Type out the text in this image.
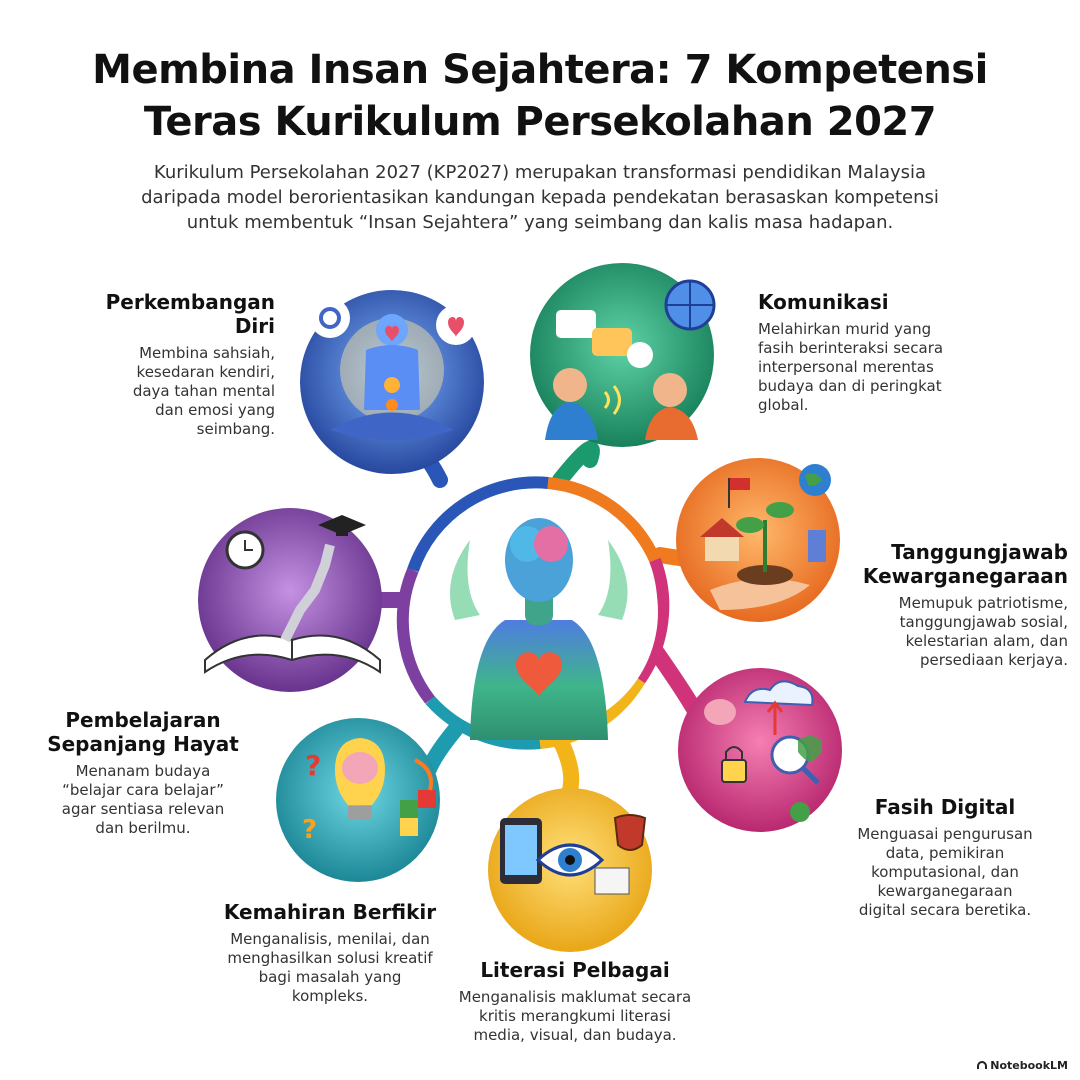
Membina Insan Sejahtera: 7 Kompetensi
Teras Kurikulum Persekolahan 2027
Kurikulum Persekolahan 2027 (KP2027) merupakan transformasi pendidikan Malaysia
daripada model berorientasikan kandungan kepada pendekatan berasaskan kompetensi
untuk membentuk “Insan Sejahtera” yang seimbang dan kalis masa hadapan.
?
?
Perkembangan
Diri

Membina sahsiah,
kesedaran kendiri,
daya tahan mental
dan emosi yang
seimbang.

Komunikasi

Melahirkan murid yang
fasih berinteraksi secara
interpersonal merentas
budaya dan di peringkat
global.

Tanggungjawab
Kewarganegaraan

Memupuk patriotisme,
tanggungjawab sosial,
kelestarian alam, dan
persediaan kerjaya.

Fasih Digital

Menguasai pengurusan
data, pemikiran
komputasional, dan
kewarganegaraan
digital secara beretika.

Literasi Pelbagai

Menganalisis maklumat secara
kritis merangkumi literasi
media, visual, dan budaya.

Kemahiran Berfikir

Menganalisis, menilai, dan
menghasilkan solusi kreatif
bagi masalah yang
kompleks.

Pembelajaran
Sepanjang Hayat

Menanam budaya
“belajar cara belajar”
agar sentiasa relevan
dan berilmu.

NotebookLM
